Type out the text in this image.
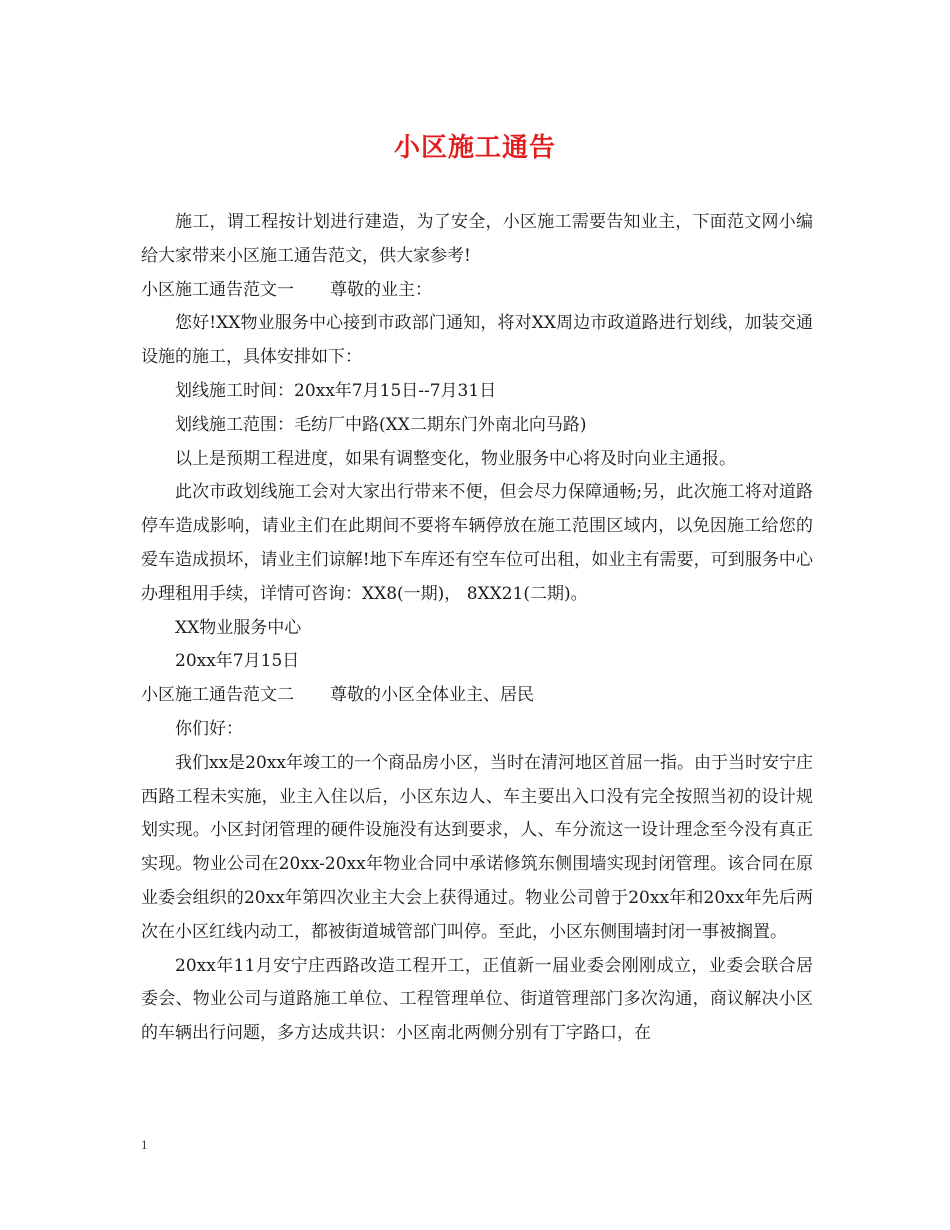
小区施工通告

施工，谓工程按计划进行建造，为了安全，小区施工需要告知业主，下面范文网小编给大家带来小区施工通告范文，供大家参考!

小区施工通告范文一 尊敬的业主：

您好!XX物业服务中心接到市政部门通知，将对XX周边市政道路进行划线，加装交通设施的施工，具体安排如下：

划线施工时间：20xx年7月15日--7月31日

划线施工范围：毛纺厂中路(XX二期东门外南北向马路)

以上是预期工程进度，如果有调整变化，物业服务中心将及时向业主通报。

此次市政划线施工会对大家出行带来不便，但会尽力保障通畅;另，此次施工将对道路停车造成影响，请业主们在此期间不要将车辆停放在施工范围区域内，以免因施工给您的爱车造成损坏，请业主们谅解!地下车库还有空车位可出租，如业主有需要，可到服务中心办理租用手续，详情可咨询：XX8(一期)， 8XX21(二期)。

XX物业服务中心

20xx年7月15日

小区施工通告范文二 尊敬的小区全体业主、居民

你们好：

我们xx是20xx年竣工的一个商品房小区，当时在清河地区首屈一指。由于当时安宁庄西路工程未实施，业主入住以后，小区东边人、车主要出入口没有完全按照当初的设计规划实现。小区封闭管理的硬件设施没有达到要求，人、车分流这一设计理念至今没有真正实现。物业公司在20xx-20xx年物业合同中承诺修筑东侧围墙实现封闭管理。该合同在原业委会组织的20xx年第四次业主大会上获得通过。物业公司曾于20xx年和20xx年先后两次在小区红线内动工，都被街道城管部门叫停。至此，小区东侧围墙封闭一事被搁置。

20xx年11月安宁庄西路改造工程开工，正值新一届业委会刚刚成立，业委会联合居委会、物业公司与道路施工单位、工程管理单位、街道管理部门多次沟通，商议解决小区的车辆出行问题，多方达成共识：小区南北两侧分别有丁字路口，在

1
